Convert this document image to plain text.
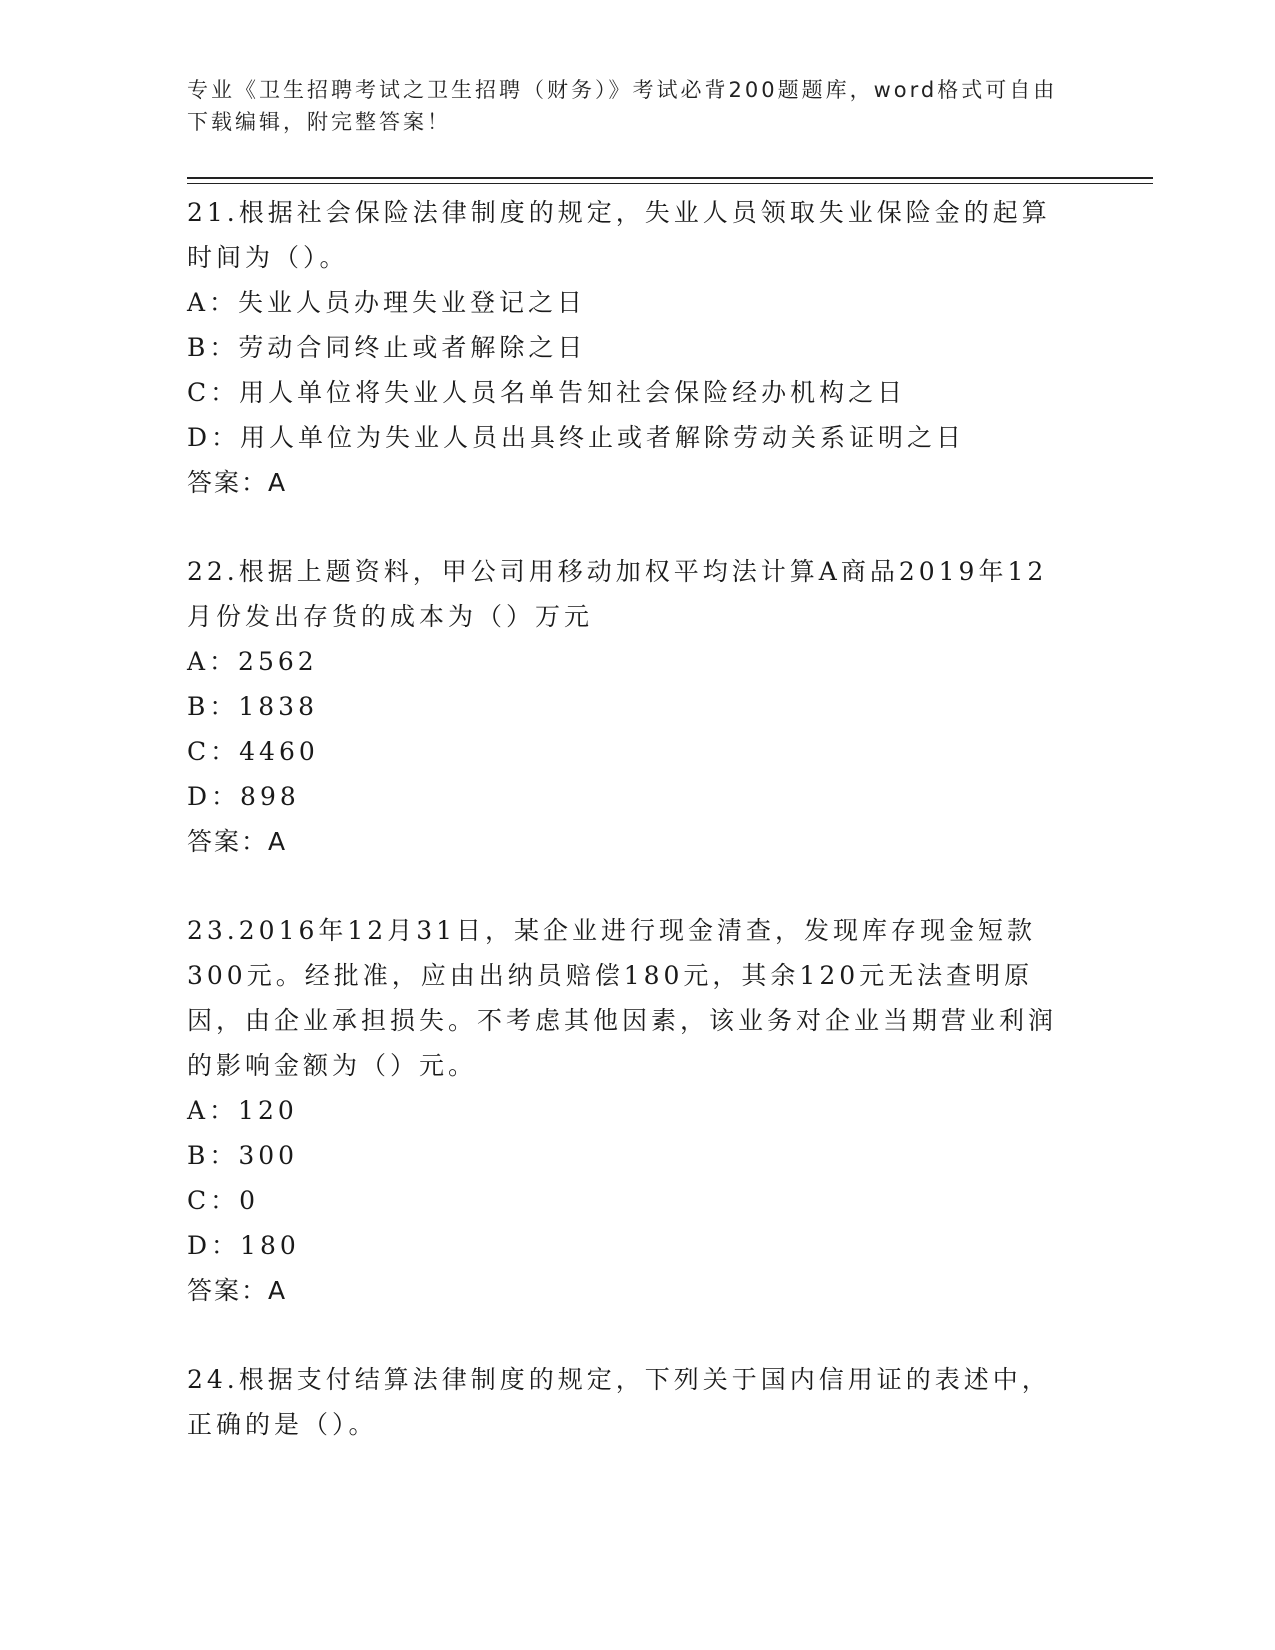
专业《卫生招聘考试之卫生招聘（财务）》考试必背200题题库，word格式可自由下载编辑，附完整答案！

21.根据社会保险法律制度的规定，失业人员领取失业保险金的起算时间为（）。

A：失业人员办理失业登记之日

B：劳动合同终止或者解除之日

C：用人单位将失业人员名单告知社会保险经办机构之日

D：用人单位为失业人员出具终止或者解除劳动关系证明之日

答案：A

22.根据上题资料，甲公司用移动加权平均法计算A商品2019年12月份发出存货的成本为（）万元

A：2562

B：1838

C：4460

D：898

答案：A

23.2016年12月31日，某企业进行现金清查，发现库存现金短款300元。经批准，应由出纳员赔偿180元，其余120元无法查明原因，由企业承担损失。不考虑其他因素，该业务对企业当期营业利润的影响金额为（）元。

A：120

B：300

C：0

D：180

答案：A

24.根据支付结算法律制度的规定，下列关于国内信用证的表述中，正确的是（）。
